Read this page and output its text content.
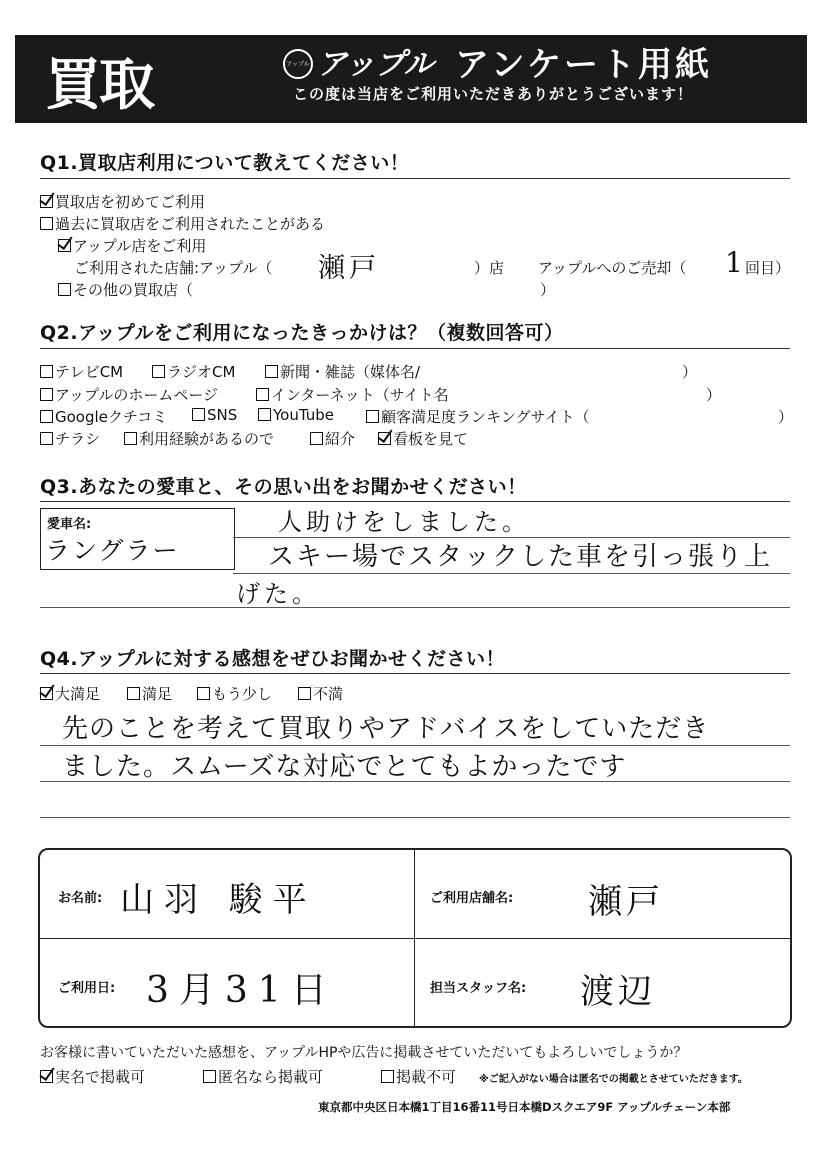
買取	アップル アップル アンケート用紙
この度は当店をご利用いただきありがとうございます！
Q1.買取店利用について教えてください！
買取店を初めてご利用
過去に買取店をご利用されたことがある
アップル店をご利用
ご利用された店舗:アップル（ 瀬戸	）店 アップルへのご売却（ 1
回目）
その他の買取店（	）
Q2.アップルをご利用になったきっかけは？（複数回答可）
テレビCM	ラジオCM	新聞・雑誌（媒体名/	）
アップルのホームページ	インターネット（サイト名	）
Googleクチコミ	SNS	YouTube	顧客満足度ランキングサイト（	）
チラシ	利用経験があるので	紹介	看板を見て
Q3.あなたの愛車と、その思い出をお聞かせください！
愛車名:
ラングラー
人助けをしました。
スキー場でスタックした車を引っ張り上
げた。
Q4.アップルに対する感想をぜひお聞かせください！
大満足	満足	もう少し	不満
先のことを考えて買取りやアドバイスをしていただき
ました。スムーズな対応でとてもよかったです
お名前: 山羽 駿平	ご利用店舗名: 瀬戸
ご利用日: 3月31日	担当スタッフ名: 渡辺
お客様に書いていただいた感想を、アップルHPや広告に掲載させていただいてもよろしいでしょうか？
実名で掲載可	匿名なら掲載可	掲載不可 ※ご記入がない場合は匿名での掲載とさせていただきます。
東京都中央区日本橋1丁目16番11号日本橋Dスクエア9F アップルチェーン本部
